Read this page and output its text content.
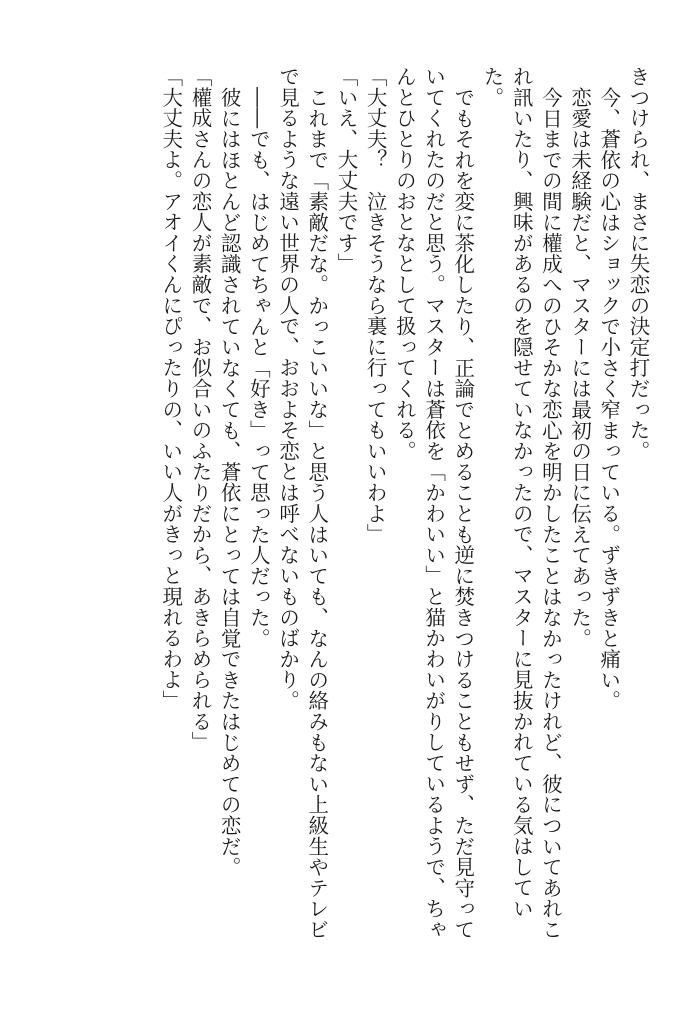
きつけられ、まさに失恋の決定打だった。
今、蒼依の心はショックで小さく窄まっている。ずきずきと痛い。
恋愛は未経験だと、マスターには最初の日に伝えてあった。
今日までの間に權成へのひそかな恋心を明かしたことはなかったけれど、彼についてあれこ
れ訊いたり、興味があるのを隠せていなかったので、マスターに見抜かれている気はしてい
た。
でもそれを変に茶化したり、正論でとめることも逆に焚きつけることもせず、ただ見守って
いてくれたのだと思う。マスターは蒼依を「かわいい」と猫かわいがりしているようで、ちゃ
んとひとりのおとなとして扱ってくれる。
「大丈夫？　泣きそうなら裏に行ってもいいわよ」
「いえ、大丈夫です」
これまで「素敵だな。かっこいいな」と思う人はいても、なんの絡みもない上級生やテレビ
で見るような遠い世界の人で、おおよそ恋とは呼べないものばかり。
――でも、はじめてちゃんと「好き」って思った人だった。
彼にはほとんど認識されていなくても、蒼依にとっては自覚できたはじめての恋だ。
「權成さんの恋人が素敵で、お似合いのふたりだから、あきらめられる」
「大丈夫よ。アオイくんにぴったりの、いい人がきっと現れるわよ」
